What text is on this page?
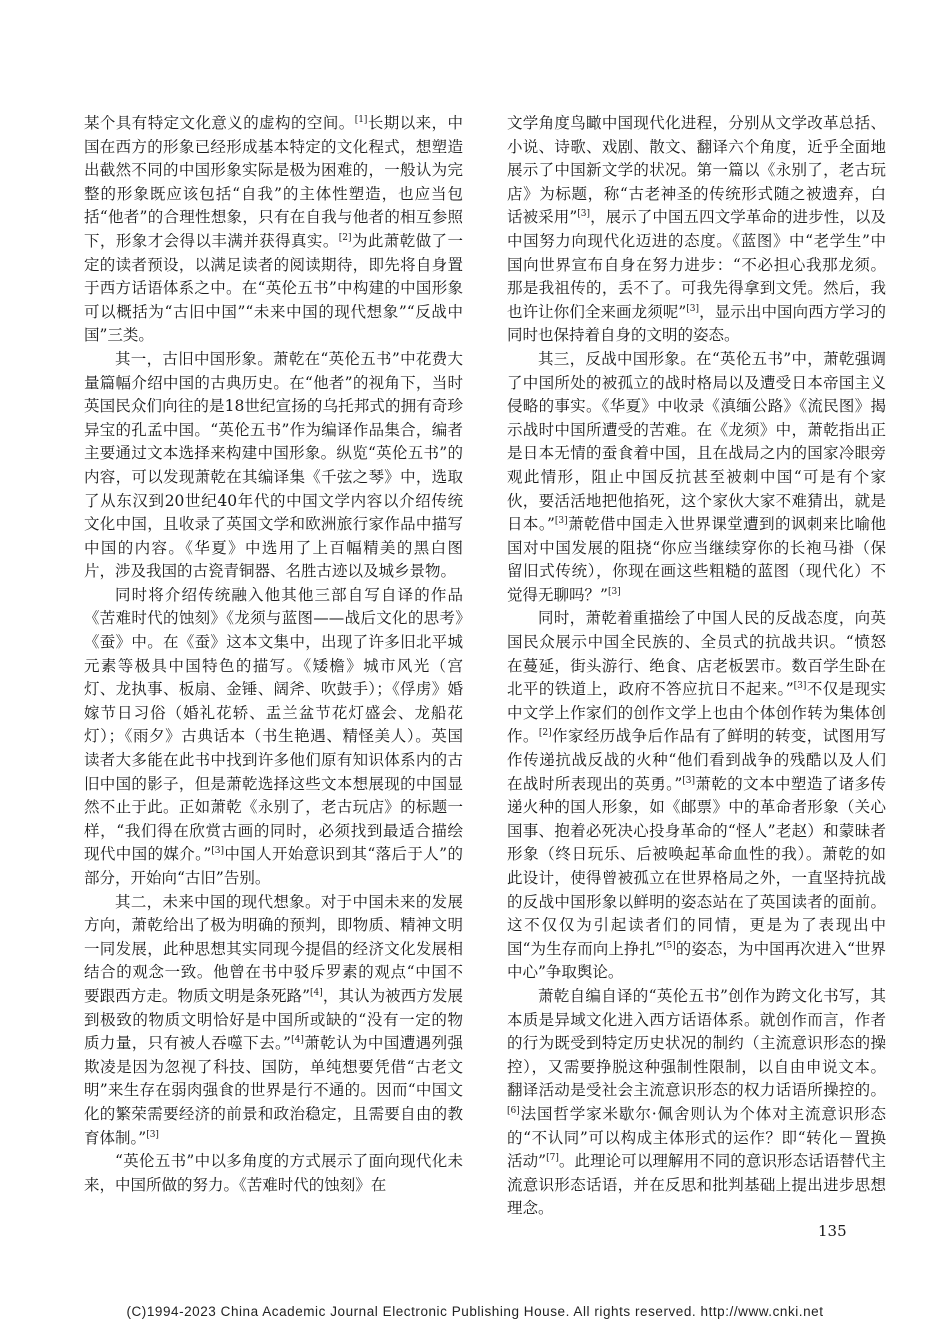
某个具有特定文化意义的虚构的空间。[1]长期以来，中国在西方的形象已经形成基本特定的文化程式，想塑造出截然不同的中国形象实际是极为困难的，一般认为完整的形象既应该包括“自我”的主体性塑造，也应当包括“他者”的合理性想象，只有在自我与他者的相互参照下，形象才会得以丰满并获得真实。[2]为此萧乾做了一定的读者预设，以满足读者的阅读期待，即先将自身置于西方话语体系之中。在“英伦五书”中构建的中国形象可以概括为“古旧中国”“未来中国的现代想象”“反战中国”三类。

其一，古旧中国形象。萧乾在“英伦五书”中花费大量篇幅介绍中国的古典历史。在“他者”的视角下，当时英国民众们向往的是18世纪宣扬的乌托邦式的拥有奇珍异宝的孔孟中国。“英伦五书”作为编译作品集合，编者主要通过文本选择来构建中国形象。纵览“英伦五书”的内容，可以发现萧乾在其编译集《千弦之琴》中，选取了从东汉到20世纪40年代的中国文学内容以介绍传统文化中国，且收录了英国文学和欧洲旅行家作品中描写中国的内容。《华夏》中选用了上百幅精美的黑白图片，涉及我国的古瓷青铜器、名胜古迹以及城乡景物。

同时将介绍传统融入他其他三部自写自译的作品《苦难时代的蚀刻》《龙须与蓝图——战后文化的思考》《蚕》中。在《蚕》这本文集中，出现了许多旧北平城元素等极具中国特色的描写。《矮檐》城市风光（宫灯、龙执事、板扇、金锤、阔斧、吹鼓手）；《俘虏》婚嫁节日习俗（婚礼花轿、盂兰盆节花灯盛会、龙船花灯）；《雨夕》古典话本（书生艳遇、精怪美人）。英国读者大多能在此书中找到许多他们原有知识体系内的古旧中国的影子，但是萧乾选择这些文本想展现的中国显然不止于此。正如萧乾《永别了，老古玩店》的标题一样，“我们得在欣赏古画的同时，必须找到最适合描绘现代中国的媒介。”[3]中国人开始意识到其“落后于人”的部分，开始向“古旧”告别。

其二，未来中国的现代想象。对于中国未来的发展方向，萧乾给出了极为明确的预判，即物质、精神文明一同发展，此种思想其实同现今提倡的经济文化发展相结合的观念一致。他曾在书中驳斥罗素的观点“中国不要跟西方走。物质文明是条死路”[4]，其认为被西方发展到极致的物质文明恰好是中国所或缺的“没有一定的物质力量，只有被人吞噬下去。”[4]萧乾认为中国遭遇列强欺凌是因为忽视了科技、国防，单纯想要凭借“古老文明”来生存在弱肉强食的世界是行不通的。因而“中国文化的繁荣需要经济的前景和政治稳定，且需要自由的教育体制。”[3]

“英伦五书”中以多角度的方式展示了面向现代化未来，中国所做的努力。《苦难时代的蚀刻》在

文学角度鸟瞰中国现代化进程，分别从文学改革总括、小说、诗歌、戏剧、散文、翻译六个角度，近乎全面地展示了中国新文学的状况。第一篇以《永别了，老古玩店》为标题，称“古老神圣的传统形式随之被遗弃，白话被采用”[3]，展示了中国五四文学革命的进步性，以及中国努力向现代化迈进的态度。《蓝图》中“老学生”中国向世界宣布自身在努力进步：“不必担心我那龙须。那是我祖传的，丢不了。可我先得拿到文凭。然后，我也许让你们全来画龙须呢”[3]，显示出中国向西方学习的同时也保持着自身的文明的姿态。

其三，反战中国形象。在“英伦五书”中，萧乾强调了中国所处的被孤立的战时格局以及遭受日本帝国主义侵略的事实。《华夏》中收录《滇缅公路》《流民图》揭示战时中国所遭受的苦难。在《龙须》中，萧乾指出正是日本无情的蚕食着中国，且在战局之内的国家冷眼旁观此情形，阻止中国反抗甚至被刺中国“可是有个家伙，要活活地把他掐死，这个家伙大家不难猜出，就是日本。”[3]萧乾借中国走入世界课堂遭到的讽刺来比喻他国对中国发展的阻挠“你应当继续穿你的长袍马褂（保留旧式传统），你现在画这些粗糙的蓝图（现代化）不觉得无聊吗？”[3]

同时，萧乾着重描绘了中国人民的反战态度，向英国民众展示中国全民族的、全员式的抗战共识。“愤怒在蔓延，街头游行、绝食、店老板罢市。数百学生卧在北平的铁道上，政府不答应抗日不起来。”[3]不仅是现实中文学上作家们的创作文学上也由个体创作转为集体创作。[2]作家经历战争后作品有了鲜明的转变，试图用写作传递抗战反战的火种“他们看到战争的残酷以及人们在战时所表现出的英勇。”[3]萧乾的文本中塑造了诸多传递火种的国人形象，如《邮票》中的革命者形象（关心国事、抱着必死决心投身革命的“怪人”老赵）和蒙昧者形象（终日玩乐、后被唤起革命血性的我）。萧乾的如此设计，使得曾被孤立在世界格局之外，一直坚持抗战的反战中国形象以鲜明的姿态站在了英国读者的面前。这不仅仅为引起读者们的同情，更是为了表现出中国“为生存而向上挣扎”[5]的姿态，为中国再次进入“世界中心”争取舆论。

萧乾自编自译的“英伦五书”创作为跨文化书写，其本质是异域文化进入西方话语体系。就创作而言，作者的行为既受到特定历史状况的制约（主流意识形态的操控），又需要挣脱这种强制性限制，以自由申说文本。翻译活动是受社会主流意识形态的权力话语所操控的。[6]法国哲学家米歇尔·佩舍则认为个体对主流意识形态的“不认同”可以构成主体形式的运作？即“转化－置换活动”[7]。此理论可以理解用不同的意识形态话语替代主流意识形态话语，并在反思和批判基础上提出进步思想理念。

135
(C)1994-2023 China Academic Journal Electronic Publishing House. All rights reserved. http://www.cnki.net
